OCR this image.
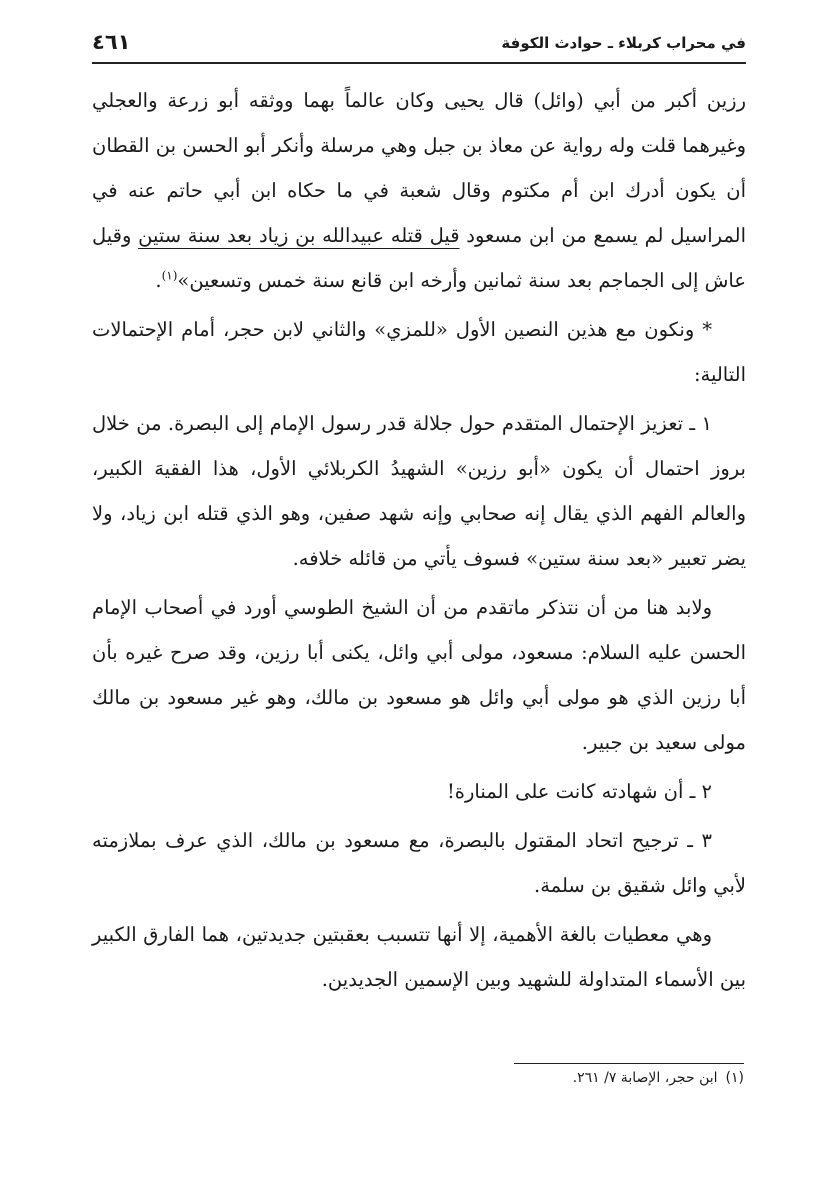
في محراب كربلاء ـ حوادث الكوفة
٤٦١

رزين أكبر من أبي (وائل) قال يحيى وكان عالماً بهما ووثقه أبو زرعة والعجلي وغيرهما قلت وله رواية عن معاذ بن جبل وهي مرسلة وأنكر أبو الحسن بن القطان أن يكون أدرك ابن أم مكتوم وقال شعبة في ما حكاه ابن أبي حاتم عنه في المراسيل لم يسمع من ابن مسعود قيل قتله عبيدالله بن زياد بعد سنة ستين وقيل عاش إلى الجماجم بعد سنة ثمانين وأرخه ابن قانع سنة خمس وتسعين»$^{(١)}$.

* ونكون مع هذين النصين الأول «للمزي» والثاني لابن حجر، أمام الإحتمالات التالية:

١ ـ تعزيز الإحتمال المتقدم حول جلالة قدر رسول الإمام إلى البصرة. من خلال بروز احتمال أن يكون «أبو رزين» الشهيدُ الكربلائي الأول، هذا الفقيهَ الكبير، والعالم الفهم الذي يقال إنه صحابي وإنه شهد صفين، وهو الذي قتله ابن زياد، ولا يضر تعبير «بعد سنة ستين» فسوف يأتي من قائله خلافه.

ولابد هنا من أن نتذكر ماتقدم من أن الشيخ الطوسي أورد في أصحاب الإمام الحسن عليه السلام: مسعود، مولى أبي وائل، يكنى أبا رزين، وقد صرح غيره بأن أبا رزين الذي هو مولى أبي وائل هو مسعود بن مالك، وهو غير مسعود بن مالك مولى سعيد بن جبير.

٢ ـ أن شهادته كانت على المنارة!

٣ ـ ترجيح اتحاد المقتول بالبصرة، مع مسعود بن مالك، الذي عرف بملازمته لأبي وائل شقيق بن سلمة.

وهي معطيات بالغة الأهمية، إلا أنها تتسبب بعقبتين جديدتين، هما الفارق الكبير بين الأسماء المتداولة للشهيد وبين الإسمين الجديدين.

(١)ابن حجر، الإصابة ٧/ ٢٦١.
